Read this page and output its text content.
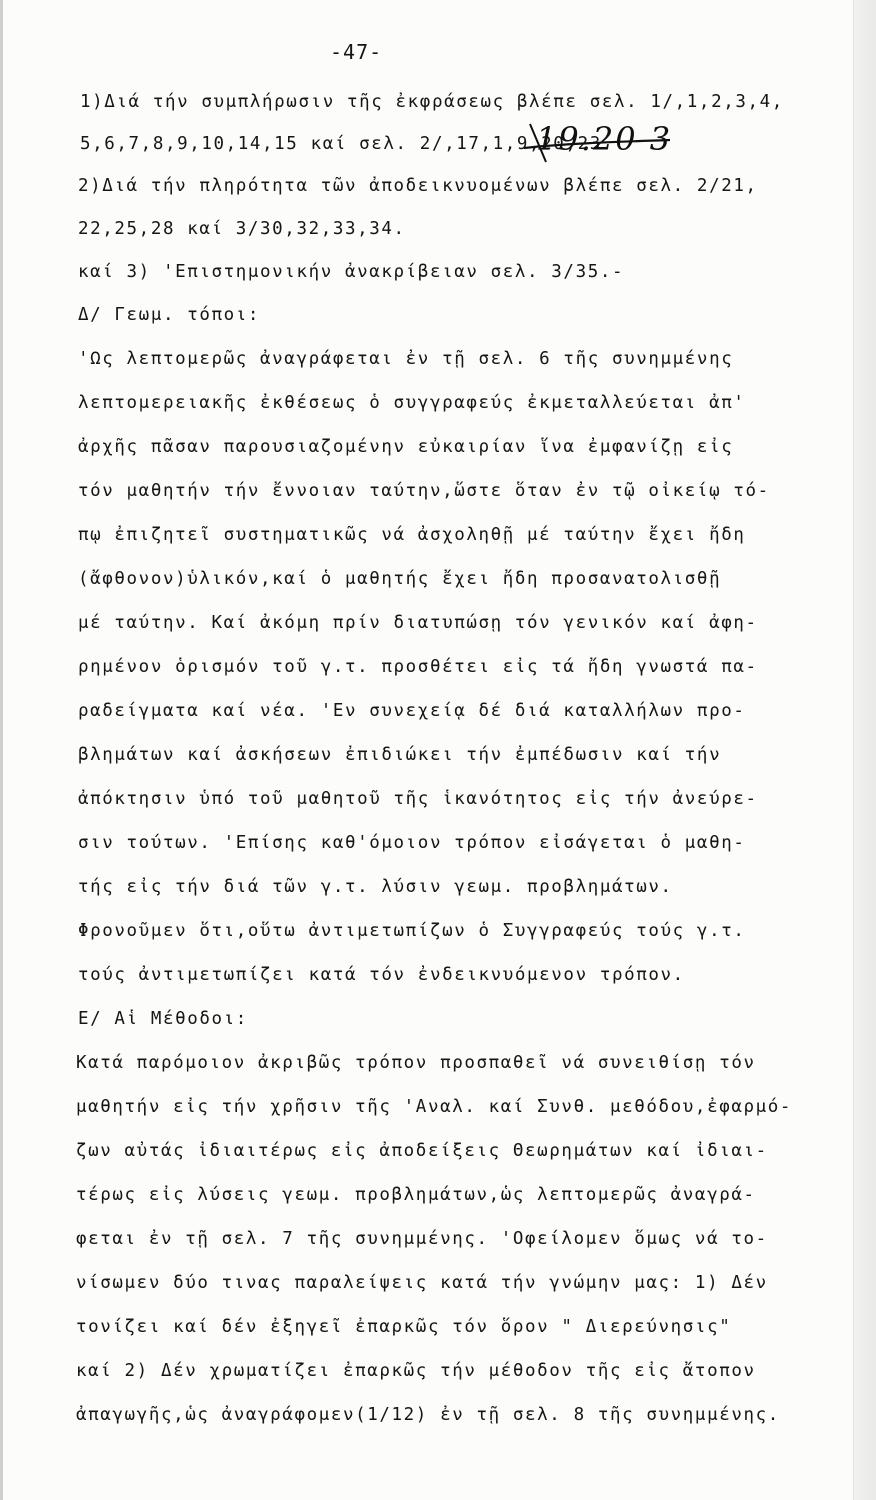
-47-
1)Διά τήν συμπλήρωσιν τῆς ἐκφράσεως βλέπε σελ. 1/,1,2,3,4,
5,6,7,8,9,10,14,15 καί σελ. 2/,17,1,9,20,23
2)Διά τήν πληρότητα τῶν ἀποδεικνυομένων βλέπε σελ. 2/21,
22,25,28 καί 3/30,32,33,34.
καί 3) 'Επιστημονικήν ἀνακρίβειαν σελ. 3/35.-
Δ/ Γεωμ. τόποι:
'Ως λεπτομερῶς ἀναγράφεται ἐν τῇ σελ. 6 τῆς συνημμένης
λεπτομερειακῆς ἐκθέσεως ὁ συγγραφεύς ἐκμεταλλεύεται ἀπ'
ἀρχῆς πᾶσαν παρουσιαζομένην εὐκαιρίαν ἵνα ἐμφανίζῃ εἰς
τόν μαθητήν τήν ἔννοιαν ταύτην,ὥστε ὅταν ἐν τῷ οἰκείῳ τό-
πῳ ἐπιζητεῖ συστηματικῶς νά ἀσχοληθῇ μέ ταύτην ἔχει ἤδη
(ἄφθονον)ὑλικόν,καί ὁ μαθητής ἔχει ἤδη προσανατολισθῇ
μέ ταύτην. Καί ἀκόμη πρίν διατυπώσῃ τόν γενικόν καί ἀφη-
ρημένον ὁρισμόν τοῦ γ.τ. προσθέτει εἰς τά ἤδη γνωστά πα-
ραδείγματα καί νέα. 'Εν συνεχείᾳ δέ διά καταλλήλων προ-
βλημάτων καί ἀσκήσεων ἐπιδιώκει τήν ἐμπέδωσιν καί τήν
ἀπόκτησιν ὑπό τοῦ μαθητοῦ τῆς ἱκανότητος εἰς τήν ἀνεύρε-
σιν τούτων. 'Επίσης καθ'όμοιον τρόπον εἰσάγεται ὁ μαθη-
τής εἰς τήν διά τῶν γ.τ. λύσιν γεωμ. προβλημάτων.
Φρονοῦμεν ὅτι,οὕτω ἀντιμετωπίζων ὁ Συγγραφεύς τούς γ.τ.
τούς ἀντιμετωπίζει κατά τόν ἐνδεικνυόμενον τρόπον.
Ε/ Αἱ Μέθοδοι:
Κατά παρόμοιον ἀκριβῶς τρόπον προσπαθεῖ νά συνειθίσῃ τόν
μαθητήν εἰς τήν χρῆσιν τῆς 'Αναλ. καί Συνθ. μεθόδου,ἐφαρμό-
ζων αὐτάς ἰδιαιτέρως εἰς ἀποδείξεις Θεωρημάτων καί ἰδιαι-
τέρως εἰς λύσεις γεωμ. προβλημάτων,ὡς λεπτομερῶς ἀναγρά-
φεται ἐν τῇ σελ. 7 τῆς συνημμένης. 'Οφείλομεν ὅμως νά το-
νίσωμεν δύο τινας παραλείψεις κατά τήν γνώμην μας: 1) Δέν
τονίζει καί δέν ἐξηγεῖ ἐπαρκῶς τόν ὅρον " Διερεύνησις"
καί 2) Δέν χρωματίζει ἐπαρκῶς τήν μέθοδον τῆς εἰς ἄτοπον
ἀπαγωγῆς,ὡς ἀναγράφομεν(1/12) ἐν τῇ σελ. 8 τῆς συνημμένης.
19.20 3
